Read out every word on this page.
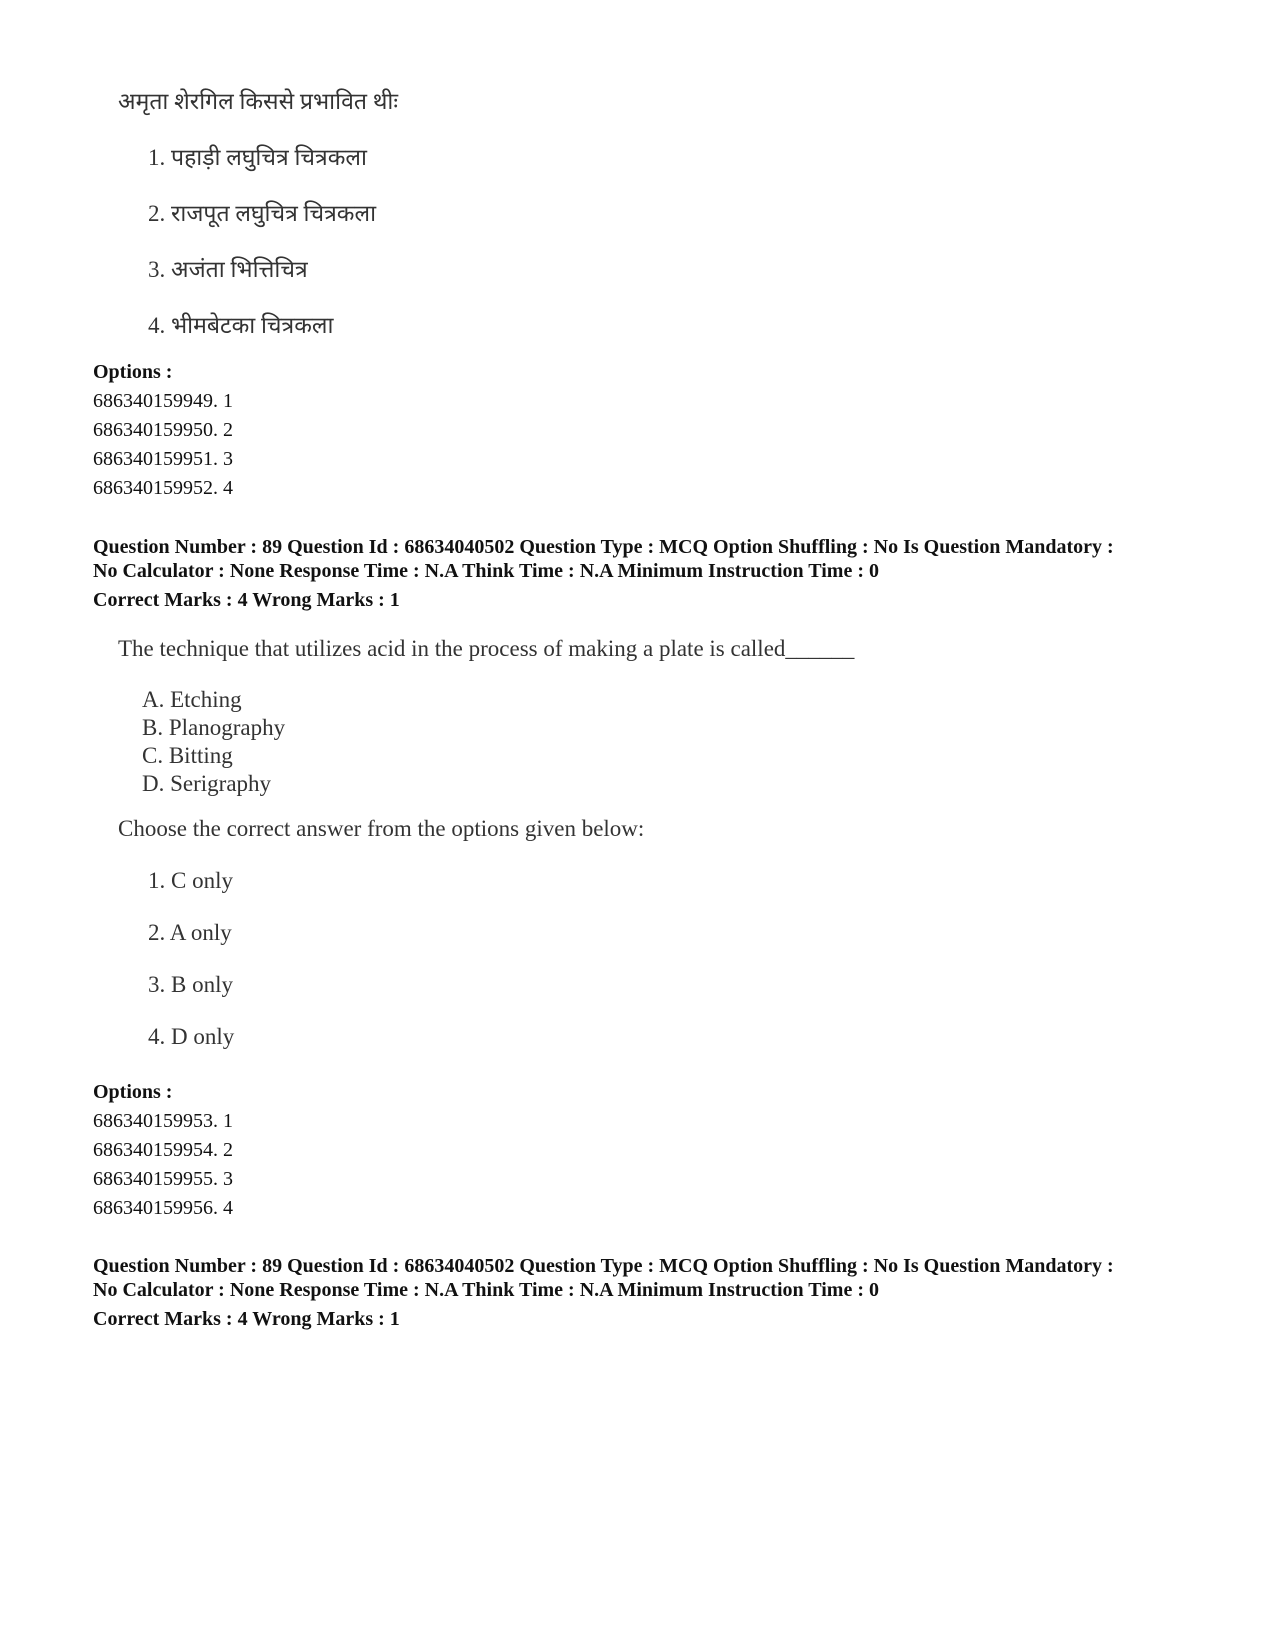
अमृता शेरगिल किससे प्रभावित थीः
1. पहाड़ी लघुचित्र चित्रकला
2. राजपूत लघुचित्र चित्रकला
3. अजंता भित्तिचित्र
4. भीमबेटका चित्रकला
Options :
686340159949. 1
686340159950. 2
686340159951. 3
686340159952. 4
Question Number : 89 Question Id : 68634040502 Question Type : MCQ Option Shuffling : No Is Question Mandatory :
No Calculator : None Response Time : N.A Think Time : N.A Minimum Instruction Time : 0
Correct Marks : 4 Wrong Marks : 1
The technique that utilizes acid in the process of making a plate is called______
A. Etching
B. Planography
C. Bitting
D. Serigraphy
Choose the correct answer from the options given below:
1. C only
2. A only
3. B only
4. D only
Options :
686340159953. 1
686340159954. 2
686340159955. 3
686340159956. 4
Question Number : 89 Question Id : 68634040502 Question Type : MCQ Option Shuffling : No Is Question Mandatory :
No Calculator : None Response Time : N.A Think Time : N.A Minimum Instruction Time : 0
Correct Marks : 4 Wrong Marks : 1
